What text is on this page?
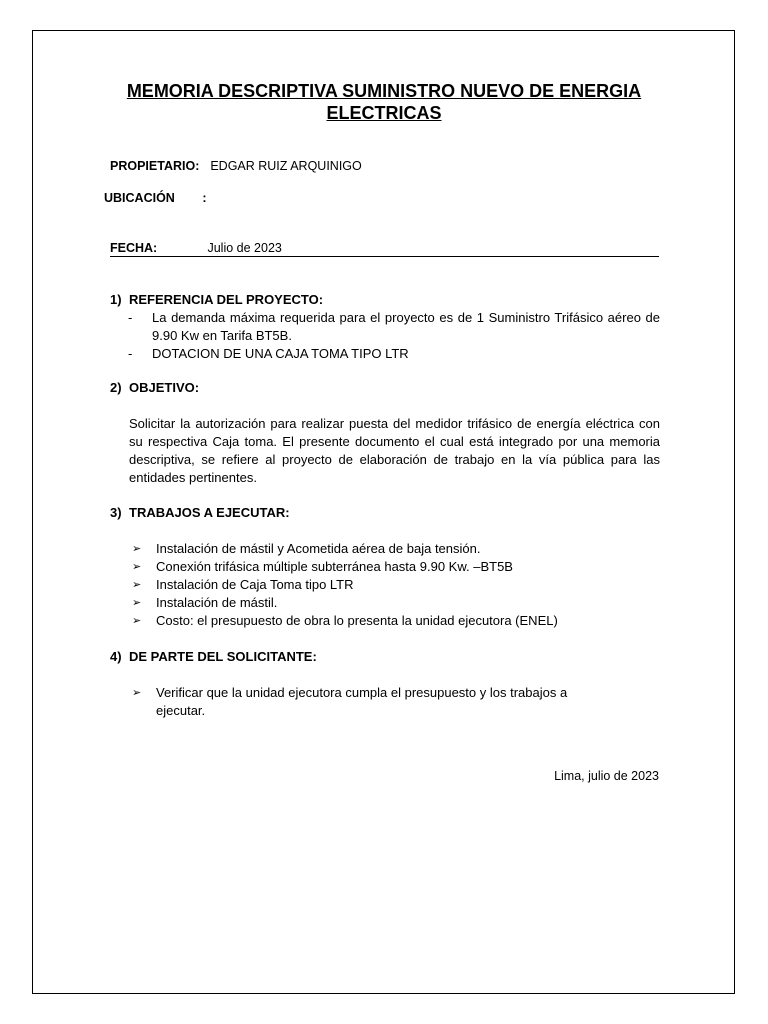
MEMORIA DESCRIPTIVA SUMINISTRO NUEVO DE ENERGIA
ELECTRICAS
PROPIETARIO: EDGAR RUIZ ARQUINIGO
UBICACIÓN :
FECHA:	Julio de 2023
1) REFERENCIA DEL PROYECTO:
- La demanda máxima requerida para el proyecto es de 1 Suministro Trifásico aéreo de 9.90 Kw en Tarifa BT5B.
- DOTACION DE UNA CAJA TOMA TIPO LTR
2) OBJETIVO:

Solicitar la autorización para realizar puesta del medidor trifásico de energía eléctrica con su respectiva Caja toma. El presente documento el cual está integrado por una memoria descriptiva, se refiere al proyecto de elaboración de trabajo en la vía pública para las entidades pertinentes.

3) TRABAJOS A EJECUTAR:
➢ Instalación de mástil y Acometida aérea de baja tensión.
➢ Conexión trifásica múltiple subterránea hasta 9.90 Kw. –BT5B
➢ Instalación de Caja Toma tipo LTR
➢ Instalación de mástil.
➢ Costo: el presupuesto de obra lo presenta la unidad ejecutora (ENEL)
4) DE PARTE DEL SOLICITANTE:
➢ Verificar que la unidad ejecutora cumpla el presupuesto y los trabajos a ejecutar.
Lima, julio de 2023
